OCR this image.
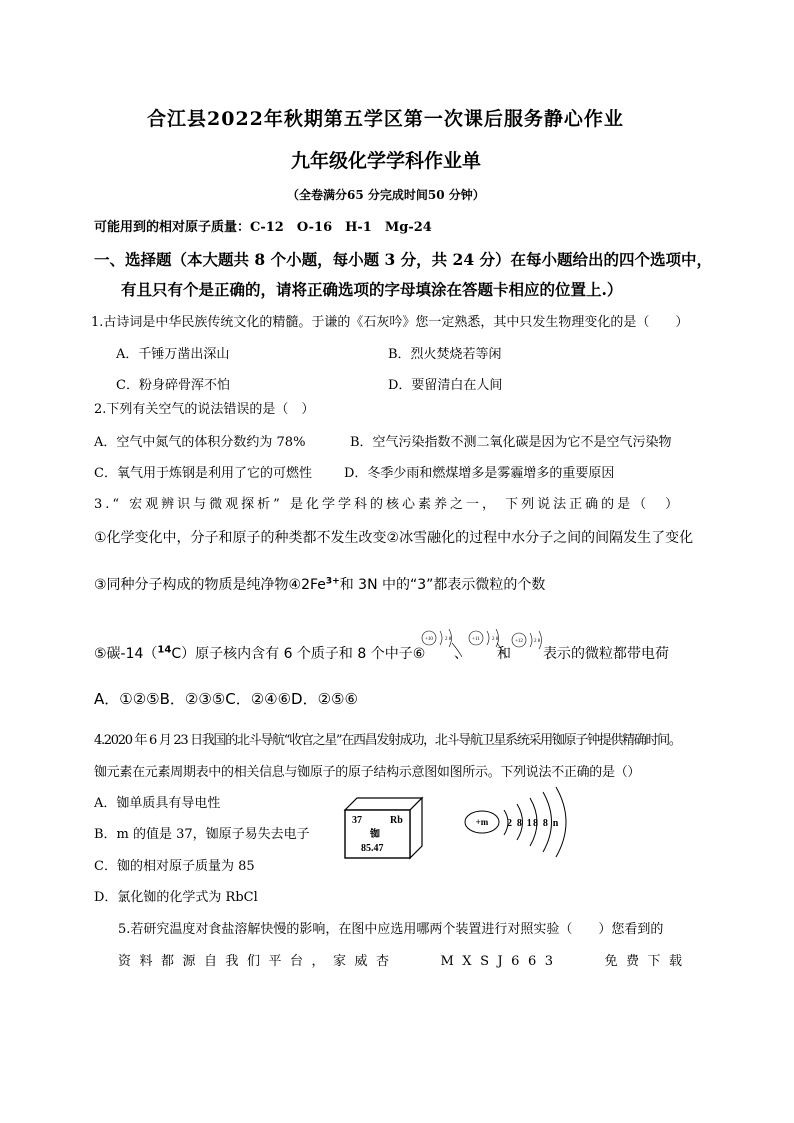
合江县2022年秋期第五学区第一次课后服务静心作业
九年级化学学科作业单
（全卷满分65 分完成时间50 分钟）
可能用到的相对原子质量：C-12　O-16　H-1　Mg-24
一、选择题（本大题共 8 个小题，每小题 3 分，共 24 分）在每小题给出的四个选项中，
有且只有个是正确的，请将正确选项的字母填涂在答题卡相应的位置上.）
1.古诗词是中华民族传统文化的精髓。于谦的《石灰吟》您一定熟悉，其中只发生物理变化的是（　　）
A．千锤万凿出深山	B．烈火焚烧若等闲
C．粉身碎骨浑不怕	D．要留清白在人间
2.下列有关空气的说法错误的是（　）
A．空气中氮气的体积分数约为 78%	B．空气污染指数不测二氧化碳是因为它不是空气污染物
C．氧气用于炼钢是利用了它的可燃性 D．冬季少雨和燃煤增多是雾霾增多的重要原因
3.“ 宏观辨识与微观探析” 是化学学科的核心素养之一， 下列说法正确的是（　）
①化学变化中，分子和原子的种类都不发生改变②冰雪融化的过程中水分子之间的间隔发生了变化
③同种分子构成的物质是纯净物$④2Fe^{3+}$和 3N 中的“3”都表示微粒的个数
⑤碳-14（$^{14}$C）原子核内含有 6 个质子和 8 个中子⑥
+10 2 8
、
+11 2 8
和
+12 2 8
表示的微粒都带电荷
A．①②⑤B．②③⑤C．②④⑥D．②⑤⑥
4.2020 年 6 月 23 日我国的北斗导航“收官之星”在西昌发射成功，北斗导航卫星系统采用铷原子钟提供精确时间。
铷元素在元素周期表中的相关信息与铷原子的原子结构示意图如图所示。下列说法不正确的是（）
A．铷单质具有导电性
B．m 的值是 37，铷原子易失去电子
C．铷的相对原子质量为 85
D．氯化铷的化学式为 RbCl
37	Rb
铷
85.47
+m 2 8 18 8 n
5.若研究温度对食盐溶解快慢的影响，在图中应选用哪两个装置进行对照实验（　　）您看到的
资料都源自我们平台，家威杏　　MXSJ663　　免费下载
